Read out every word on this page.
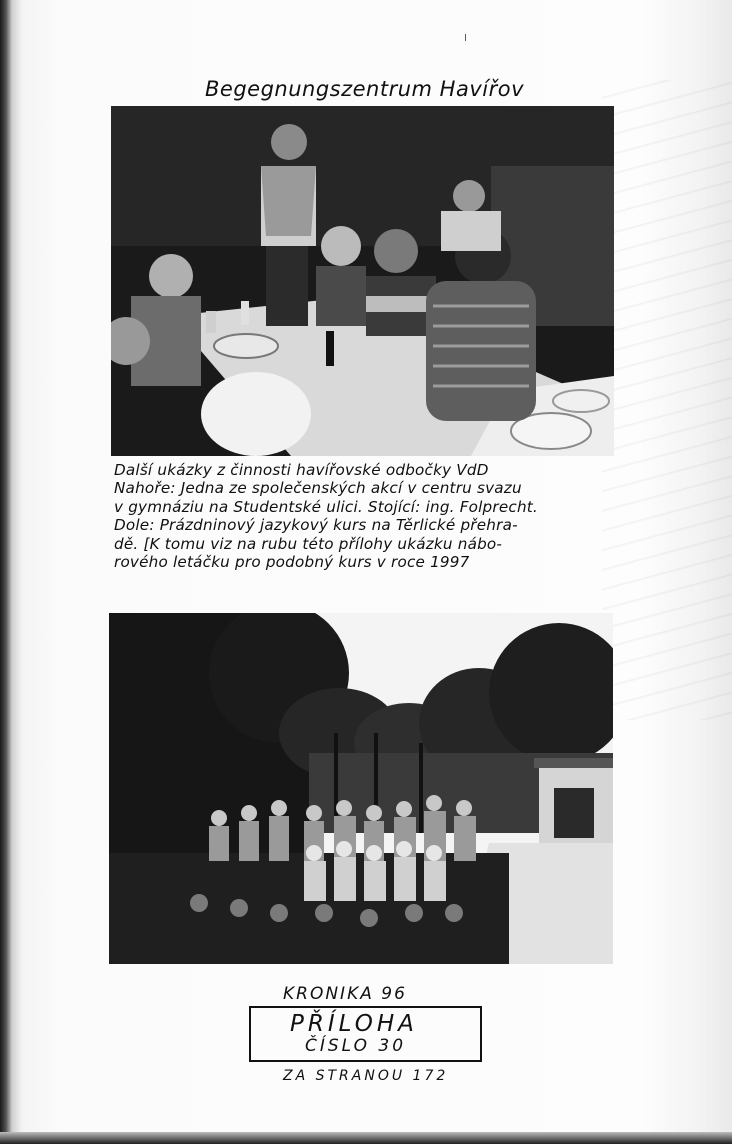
I
Begegnungszentrum Havířov
Další ukázky z činnosti havířovské odbočky VdD
Nahoře: Jedna ze společenských akcí v centru svazu
v gymnáziu na Studentské ulici. Stojící: ing. Folprecht.
Dole: Prázdninový jazykový kurs na Těrlické přehra-
dě. [K tomu viz na rubu této přílohy ukázku nábo-
rového letáčku pro podobný kurs v roce 1997
KRONIKA 96
PŘÍLOHA
ČÍSLO 30
ZA STRANOU 172
